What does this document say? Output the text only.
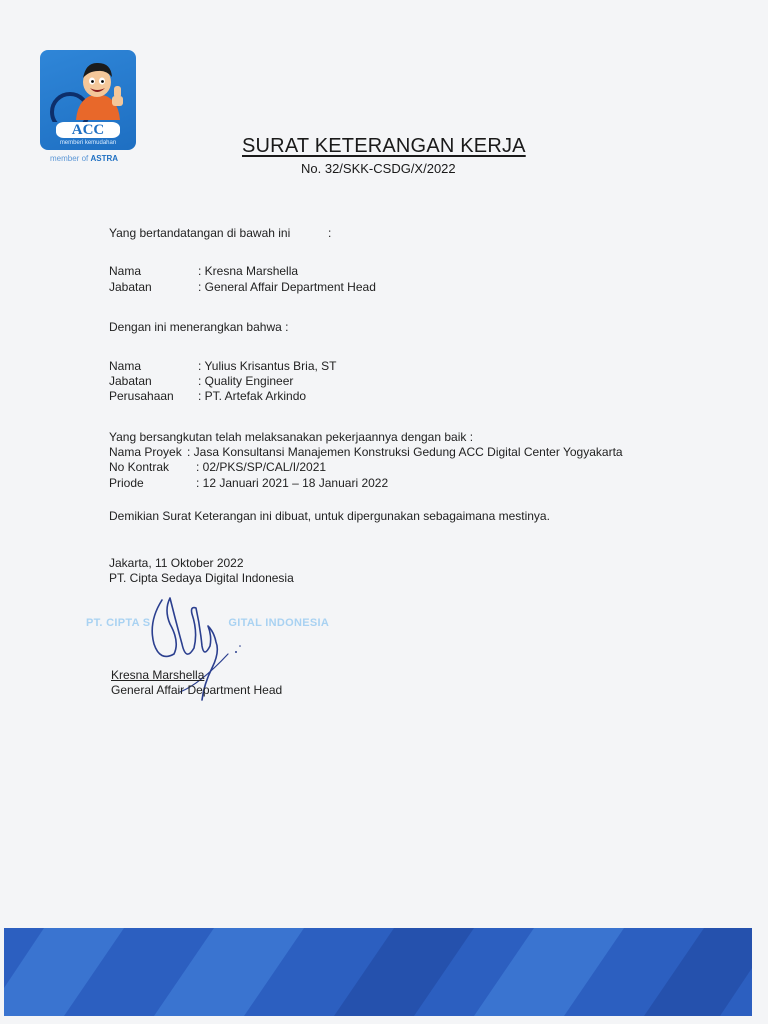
ACC
memberi kemudahan
member of ASTRA
SURAT KETERANGAN KERJA
No. 32/SKK-CSDG/X/2022
Yang bertandatangan di bawah ini	:
Nama	: Kresna Marshella
Jabatan	: General Affair Department Head
Dengan ini menerangkan bahwa :
Nama	: Yulius Krisantus Bria, ST
Jabatan	: Quality Engineer
Perusahaan : PT. Artefak Arkindo
Yang bersangkutan telah melaksanakan pekerjaannya dengan baik :
Nama Proyek : Jasa Konsultansi Manajemen Konstruksi Gedung ACC Digital Center Yogyakarta
No Kontrak : 02/PKS/SP/CAL/I/2021
Priode	: 12 Januari 2021 – 18 Januari 2022
Demikian Surat Keterangan ini dibuat, untuk dipergunakan sebagaimana mestinya.
Jakarta, 11 Oktober 2022
PT. Cipta Sedaya Digital Indonesia
PT. CIPTA S	GITAL INDONESIA
Kresna Marshella
General Affair Department Head
